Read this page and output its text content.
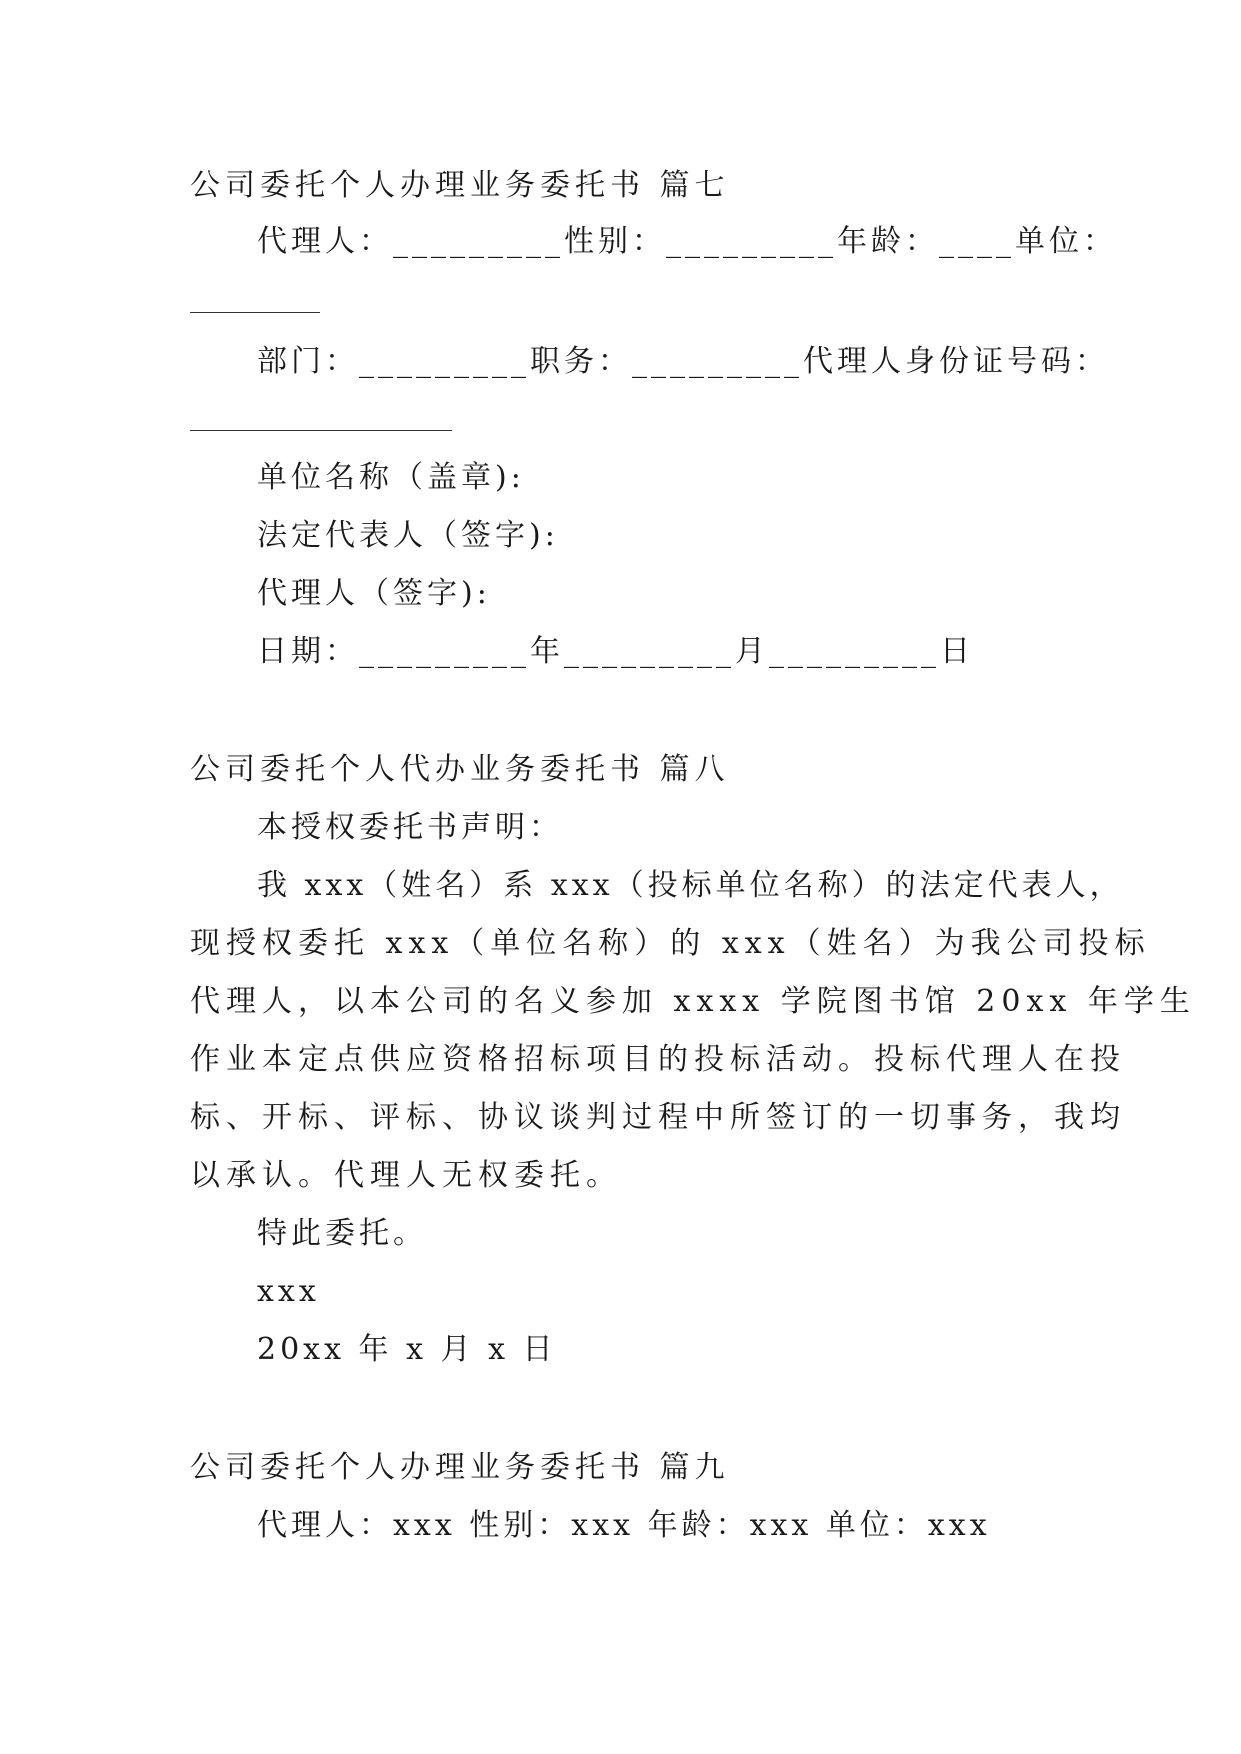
公司委托个人办理业务委托书 篇七
代理人：_________性别：_________年龄：____单位：
部门：_________职务：_________代理人身份证号码：
单位名称（盖章):
法定代表人（签字):
代理人（签字):
日期：_________年_________月_________日
公司委托个人代办业务委托书 篇八
本授权委托书声明：
我 xxx（姓名）系 xxx（投标单位名称）的法定代表人，
现授权委托 xxx（单位名称）的 xxx（姓名）为我公司投标
代理人，以本公司的名义参加 xxxx 学院图书馆 20xx 年学生
作业本定点供应资格招标项目的投标活动。投标代理人在投
标、开标、评标、协议谈判过程中所签订的一切事务，我均
以承认。代理人无权委托。
特此委托。
xxx
20xx 年 x 月 x 日
公司委托个人办理业务委托书 篇九
代理人：xxx 性别：xxx 年龄：xxx 单位：xxx
